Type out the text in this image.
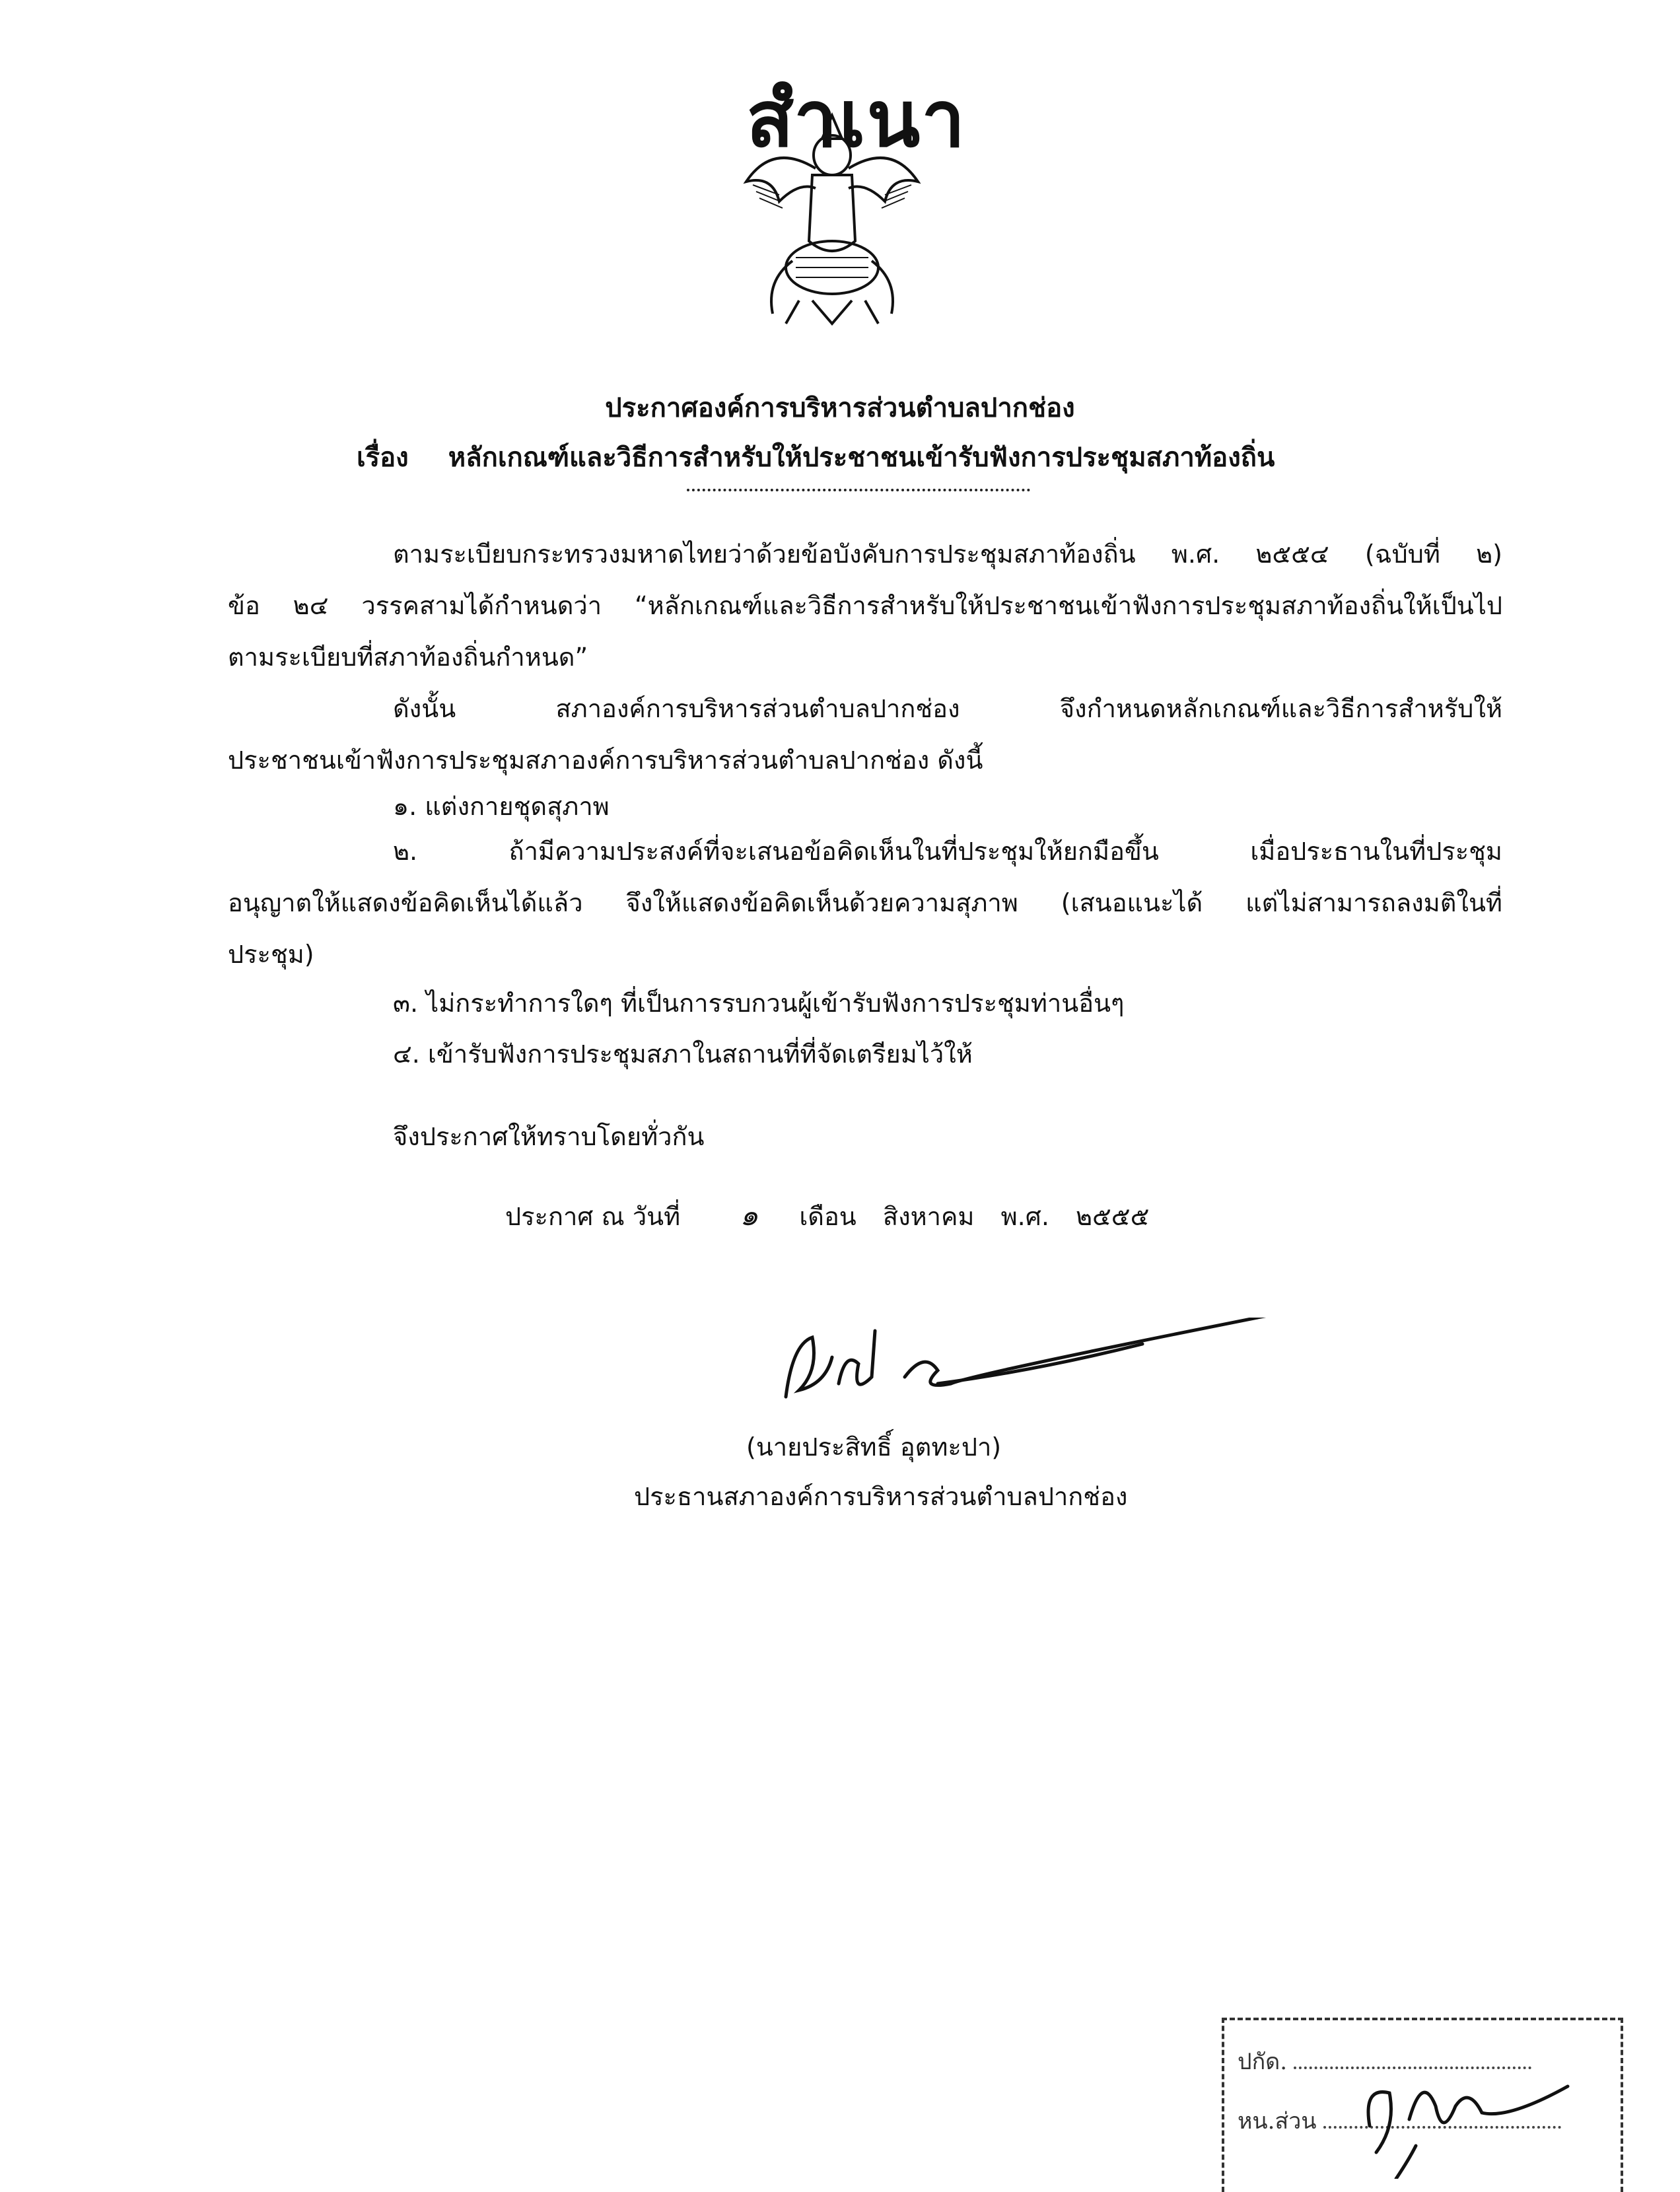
สำเนา
ประกาศองค์การบริหารส่วนตำบลปากช่อง
เรื่อง หลักเกณฑ์และวิธีการสำหรับให้ประชาชนเข้ารับฟังการประชุมสภาท้องถิ่น
ตามระเบียบกระทรวงมหาดไทยว่าด้วยข้อบังคับการประชุมสภาท้องถิ่น พ.ศ. ๒๕๕๔ (ฉบับที่ ๒)
ข้อ ๒๔ วรรคสามได้กำหนดว่า “หลักเกณฑ์และวิธีการสำหรับให้ประชาชนเข้าฟังการประชุมสภาท้องถิ่นให้เป็นไป
ตามระเบียบที่สภาท้องถิ่นกำหนด”
ดังนั้น สภาองค์การบริหารส่วนตำบลปากช่อง จึงกำหนดหลักเกณฑ์และวิธีการสำหรับให้
ประชาชนเข้าฟังการประชุมสภาองค์การบริหารส่วนตำบลปากช่อง ดังนี้
๑. แต่งกายชุดสุภาพ
๒. ถ้ามีความประสงค์ที่จะเสนอข้อคิดเห็นในที่ประชุมให้ยกมือขึ้น เมื่อประธานในที่ประชุม
อนุญาตให้แสดงข้อคิดเห็นได้แล้ว จึงให้แสดงข้อคิดเห็นด้วยความสุภาพ (เสนอแนะได้ แต่ไม่สามารถลงมติในที่
ประชุม)
๓. ไม่กระทำการใดๆ ที่เป็นการรบกวนผู้เข้ารับฟังการประชุมท่านอื่นๆ
๔. เข้ารับฟังการประชุมสภาในสถานที่ที่จัดเตรียมไว้ให้
จึงประกาศให้ทราบโดยทั่วกัน
ประกาศ ณ วันที่ ๑ เดือน สิงหาคม พ.ศ. ๒๕๕๕
(นายประสิทธิ์ อุตทะปา)
ประธานสภาองค์การบริหารส่วนตำบลปากช่อง
ปกัด.
หน.ส่วน
